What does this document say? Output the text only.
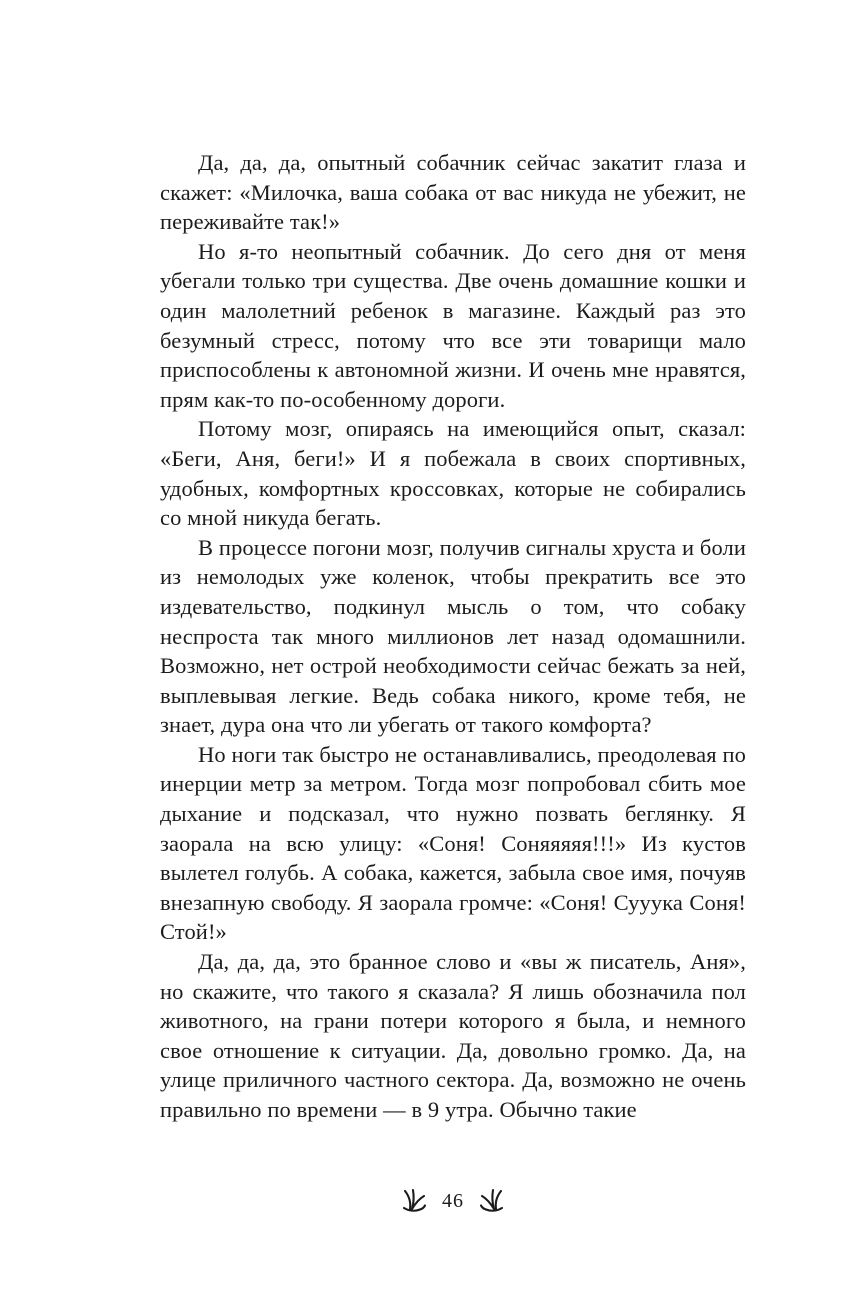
Да, да, да, опытный собачник сейчас закатит глаза и скажет: «Милочка, ваша собака от вас никуда не убежит, не переживайте так!»

Но я-то неопытный собачник. До сего дня от меня убегали только три существа. Две очень домашние кошки и один малолетний ребенок в магазине. Каждый раз это безумный стресс, потому что все эти товарищи мало приспособлены к автономной жизни. И очень мне нравятся, прям как-то по-особенному дороги.

Потому мозг, опираясь на имеющийся опыт, сказал: «Беги, Аня, беги!» И я побежала в своих спортивных, удобных, комфортных кроссовках, которые не собирались со мной никуда бегать.

В процессе погони мозг, получив сигналы хруста и боли из немолодых уже коленок, чтобы прекратить все это издевательство, подкинул мысль о том, что собаку неспроста так много миллионов лет назад одомашнили. Возможно, нет острой необходимости сейчас бежать за ней, выплевывая легкие. Ведь собака никого, кроме тебя, не знает, дура она что ли убегать от такого комфорта?

Но ноги так быстро не останавливались, преодолевая по инерции метр за метром. Тогда мозг попробовал сбить мое дыхание и подсказал, что нужно позвать беглянку. Я заорала на всю улицу: «Соня! Соняяяяя!!!» Из кустов вылетел голубь. А собака, кажется, забыла свое имя, почуяв внезапную свободу. Я заорала громче: «Соня! Сууука Соня! Стой!»

Да, да, да, это бранное слово и «вы ж писатель, Аня», но скажите, что такого я сказала? Я лишь обозначила пол животного, на грани потери которого я была, и немного свое отношение к ситуации. Да, довольно громко. Да, на улице приличного частного сектора. Да, возможно не очень правильно по времени — в 9 утра. Обычно такие

46
